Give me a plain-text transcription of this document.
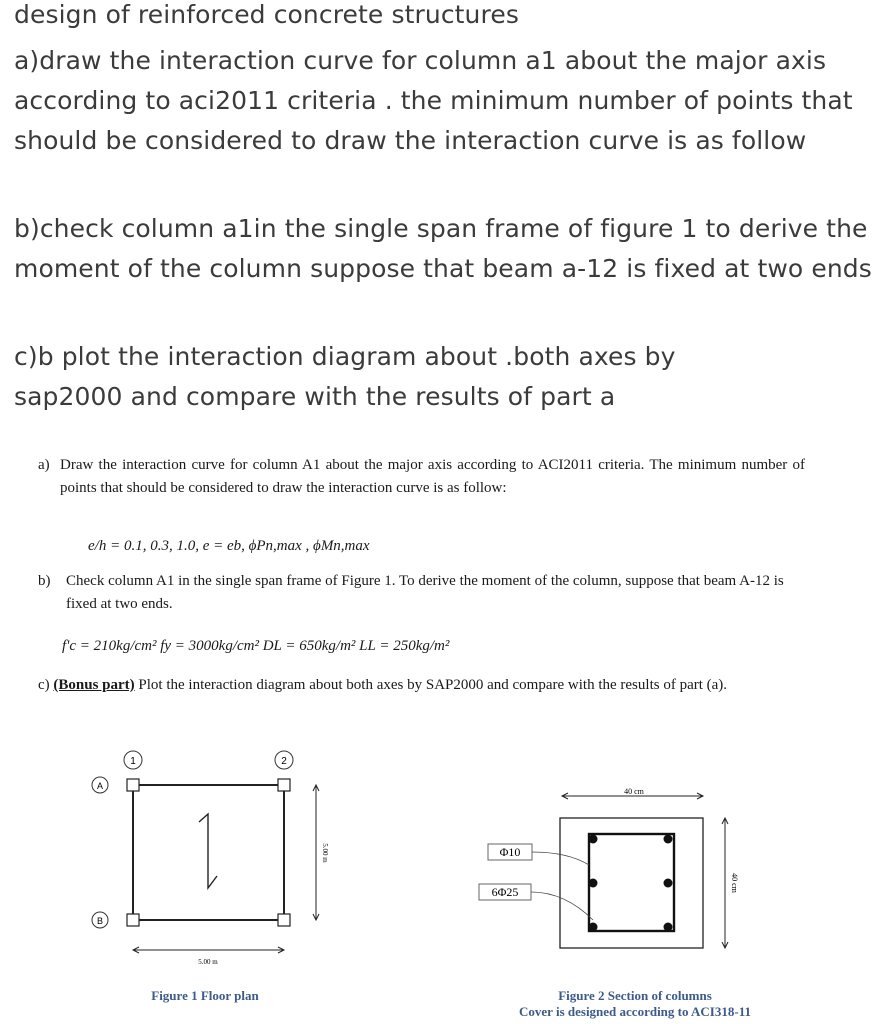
design of reinforced concrete structures

a)draw the interaction curve for column a1 about the major axis according to aci2011 criteria . the minimum number of points that should be considered to draw the interaction curve is as follow

b)check column a1in the single span frame of figure 1 to derive the moment of the column suppose that beam a-12 is fixed at two ends

c)b plot the interaction diagram about .both axes by sap2000 and compare with the results of part a

a) Draw the interaction curve for column A1 about the major axis according to ACI2011 criteria. The minimum number of points that should be considered to draw the interaction curve is as follow:

e/h = 0.1, 0.3, 1.0, e = eb, ϕPn,max , ϕMn,max
b) Check column A1 in the single span frame of Figure 1. To derive the moment of the column, suppose that beam A-12 is fixed at two ends.

f'c = 210kg/cm² fy = 3000kg/cm² DL = 650kg/m² LL = 250kg/m²
c) (Bonus part) Plot the interaction diagram about both axes by SAP2000 and compare with the results of part (a).
1	2
A
B
5.00 m
5.00 m
Figure 1 Floor plan
40 cm
40 cm
Φ10
6Φ25
Figure 2 Section of columns
Cover is designed according to ACI318-11
